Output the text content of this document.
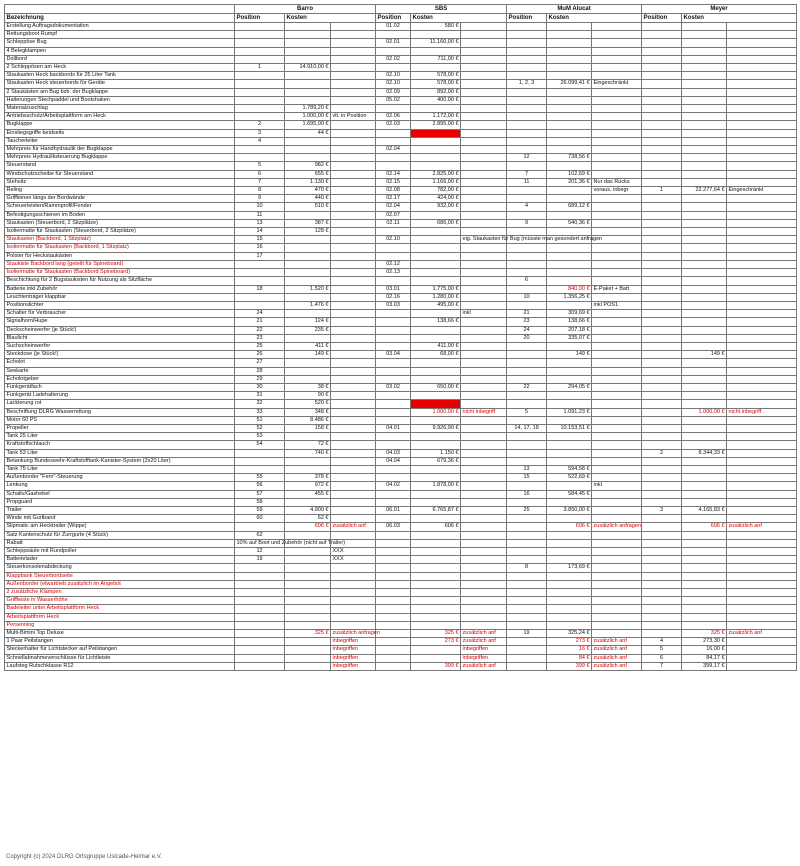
	Barro			SBS			MuM Alucat			Meyer		
Bezeichnung	Position	Kosten		Position	Kosten		Position	Kosten		Position	Kosten	
Erstellung Auftragsdokumentation				01.02	580 €							
Rettungsboot Rumpf												
Schleppöse Bug				02.01	11.160,00 €							
4 Belegklampen												
Dollbord				02.02	711,00 €							
2 Schleppösen am Heck	1	14.910,00 €										
Staukasten Heck backbords für 25 Liter Tank				02.10	578,00 €							
Staukasten Heck steuerbords für Geräte				02.10	578,00 €		1, 2, 3	26.099,41 €	Eingeschränkt			
2 Staukästen am Bug bzb. der Bugklappe				02.09	892,00 €							
Halterungen Stechpaddel und Bootshaken				05.02	400,00 €							
Materialzuschlag		1.789,20 €										
Antriebsschutz/Arbeitsplattform am Heck		1.000,00 €	vlt. in Position	02.06	1.172,00 €							
Bugklappe	2	1.695,00 €		02.03	2.895,00 €							
Einstiegsgriffe beidseits	3	44 €										
Taucherleiter	4											
Mehrpreis für Handhydraulik der Bugklappe				02.04								
Mehrpreis Hydrauliksteuerung Bugklappe							12	738,56 €				
Steuerstand	5	982 €										
Windschutzscheibe für Steuerstand	6	655 €		02.14	2.825,00 €		7	102,69 €				
Stehsitz	7	1.130 €		02.15	1.166,00 €		11	201,36 €	Nur das Rücks			
Reling	8	470 €		02.08	782,00 €				voraus. inbegr	1	22.277,64 €	Eingeschränkt
Griffleinen längs der Bordwände	9	440 €		02.17	424,00 €							
Scheuerleisten/Rammprofil/Fender	10	510 €		02.04	932,00 €		4	689,12 €				
Befestigungsschienen im Boden	11			02.07								
Staukasten (Steuerbord, 2 Sitzplätze)	13	387 €		02.11	686,00 €		9	540,36 €				
Isoliermatte für Staukasten (Steuerbord, 2 Sitzplätze)	14	128 €										
Staukasten (Backbord, 1 Sitzplatz)	15			02.10		eig. Staukasten für Bug (müsste man gesondert anfragen						
Isoliermatte für Staukasten (Backbord, 1 Sitzplatz)	16											
Polster für Heckstaukästen	17											
Staukiste Backbord lang (geteilt für Spineboard)				02.12								
Isoliermatte für Staukasten (Backbord Spineboard)				02.13								
Beschichtung für 2 Bugstaukisten für Nutzung als Sitzfläche							6					
Batterie inkl Zubehör	18	1.520 €		03.01	1.775,00 €			840,00 €	E-Paket + Batt			
Leuchtenträger klappbar				02.16	1.280,00 €		10	1.356,25 €				
Positionslichter		1.476 €		03.03	495,00 €				inkl POS1			
Schalter für Verbraucher	24					inkl	21	309,69 €				
Signalhorn/Hupe	21	124 €			138,66 €		23	138,66 €				
Deckscheinwerfer (je Stück!)	22	235 €					24	207,18 €				
Blaulicht	23						20	335,07 €				
Suchscheinwerfer	25	411 €			411,00 €							
Steckdose (je Stück!)	26	149 €		03.04	68,00 €			149 €			149 €	
Echolot	27											
Seekarte	28											
Echolotgeber	29											
Funkgerätfach	30	38 €		03.02	650,00 €		22	294,05 €				
Funkgerät Ladehalterung	31	90 €										
Lackierung rot	32	520 €										
Beschriftung DLRG Wasserrettung	33	348 €			1.000,00 €	nicht inbegriff	5	1.091,23 €			1.000,00 €	nicht inbegriff
Motor 60 PS	51	8.486 €										
Propeller	52	158 €		04.01	9.926,90 €		14, 17, 18	10.153,51 €				
Tank 25 Liter	53											
Kraftstoffschlauch	54	72 €										
Tank 53 Liter		740 €		04.03	1.150 €					2	8.344,33 €	
Betankung Bundeswehr-Kraftstofftank-Kanister-System (2x20 Liter)				04.04	679,36 €							
Tank 75 Liter							13	594,58 €				
Außenborder "Fern"-Steuerung	55	378 €					15	522,69 €				
Lenkung	56	972 €		04.02	1.878,00 €				inkl			
Schaltv/Gashebel	57	455 €					16	584,45 €				
Propguard	58											
Trailer	59	4.900 €		06.01	6.765,87 €		25	3.850,00 €		3	4.165,83 €	
Winde mit Gurtband	60	62 €										
Slipmatic am Hecktrailer (Wippe)		606 €	zusätzlich anf	06.03	606 €			606 €	zusätzlich anfragen		606 €	zusätzlich anf
Satz Kantenschutz für Zurrgurte (4 Stück)	62											
Rabatt	10% auf Boot und Zubehör (nicht auf Trailer)											
Schleppsäule mit Rundpoller	12		XXX									
Batterielader	19		XXX									
Steuerkonsolenabdeckung							8	173,69 €				
Klappbank Steuerbordseite												
Außenborder (etwartrieb zusätzlich im Angebot												
2 zusätzliche Klampen												
Griffleiste in Wasserhöhe												
Badeleiter unter Arbeitsplattform Heck												
Arbeitsplattform Heck												
Persenning												
Multi-Bimini Top Deluxe		325 €	zusätzlich anfragen		325 €	zusätzlich anf	19	325,24 €			325 €	zusätzlich anf
1 Paar Peilstangen			inbegriffen		273 €	zusätzlich anf		273 €	zusätzlich anf	4	273,30 €	
Steckerhalter für Lichtstecker auf Peilstangen			inbegriffen			inbegriffen		16 €	zusätzlich anf	5	16,00 €	
Schnellabnahmeverschlüsse für Lichtleiste			inbegriffen			inbegriffen		84 €	zusätzlich anf	6	84,17 €	
Laufsteg Rutschklasse R12			inbegriffen		399 €	zusätzlich anf		399 €	zusätzlich anf	7	399,17 €	
Copyright (c) 2024 DLRG Ortsgruppe Uslcade-Heimar e.V.
